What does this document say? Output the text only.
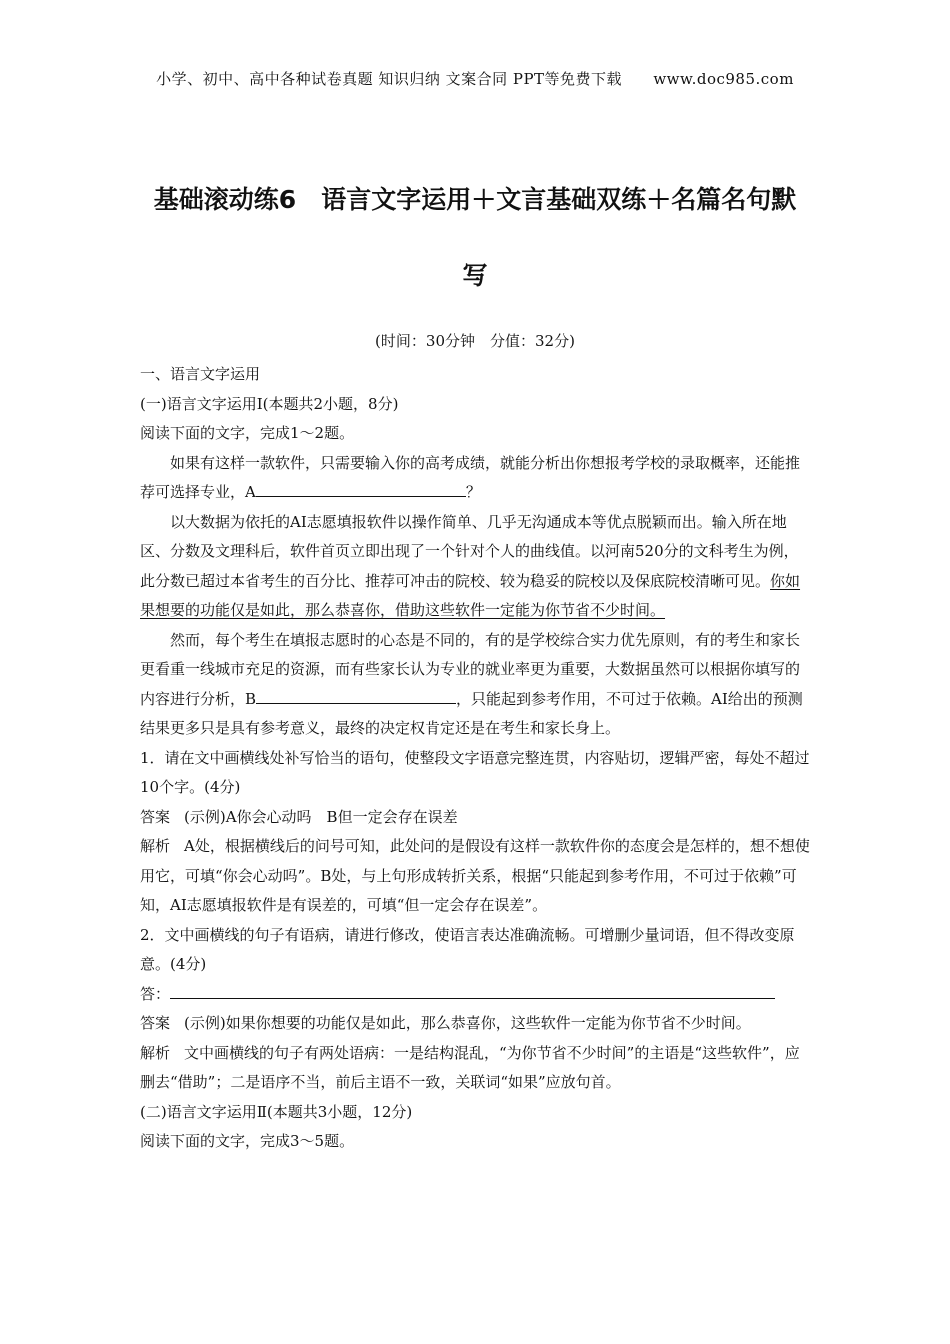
小学、初中、高中各种试卷真题 知识归纳 文案合同 PPT等免费下载 www.doc985.com
基础滚动练6　语言文字运用＋文言基础双练＋名篇名句默
写
(时间：30分钟　分值：32分)

一、语言文字运用

(一)语言文字运用Ⅰ(本题共2小题，8分)

阅读下面的文字，完成1～2题。

如果有这样一款软件，只需要输入你的高考成绩，就能分析出你想报考学校的录取概率，还能推荐可选择专业，A	？

以大数据为依托的AI志愿填报软件以操作简单、几乎无沟通成本等优点脱颖而出。输入所在地区、分数及文理科后，软件首页立即出现了一个针对个人的曲线值。以河南520分的文科考生为例，此分数已超过本省考生的百分比、推荐可冲击的院校、较为稳妥的院校以及保底院校清晰可见。你如果想要的功能仅是如此，那么恭喜你，借助这些软件一定能为你节省不少时间。

然而，每个考生在填报志愿时的心态是不同的，有的是学校综合实力优先原则，有的考生和家长更看重一线城市充足的资源，而有些家长认为专业的就业率更为重要，大数据虽然可以根据你填写的内容进行分析，B	，只能起到参考作用，不可过于依赖。AI给出的预测结果更多只是具有参考意义，最终的决定权肯定还是在考生和家长身上。

1．请在文中画横线处补写恰当的语句，使整段文字语意完整连贯，内容贴切，逻辑严密，每处不超过10个字。(4分)

答案 (示例)A你会心动吗　B但一定会存在误差

解析 A处，根据横线后的问号可知，此处问的是假设有这样一款软件你的态度会是怎样的，想不想使用它，可填“你会心动吗”。B处，与上句形成转折关系，根据“只能起到参考作用，不可过于依赖”可知，AI志愿填报软件是有误差的，可填“但一定会存在误差”。

2．文中画横线的句子有语病，请进行修改，使语言表达准确流畅。可增删少量词语，但不得改变原意。(4分)

答：

答案 (示例)如果你想要的功能仅是如此，那么恭喜你，这些软件一定能为你节省不少时间。

解析 文中画横线的句子有两处语病：一是结构混乱，“为你节省不少时间”的主语是“这些软件”，应删去“借助”；二是语序不当，前后主语不一致，关联词“如果”应放句首。

(二)语言文字运用Ⅱ(本题共3小题，12分)

阅读下面的文字，完成3～5题。
